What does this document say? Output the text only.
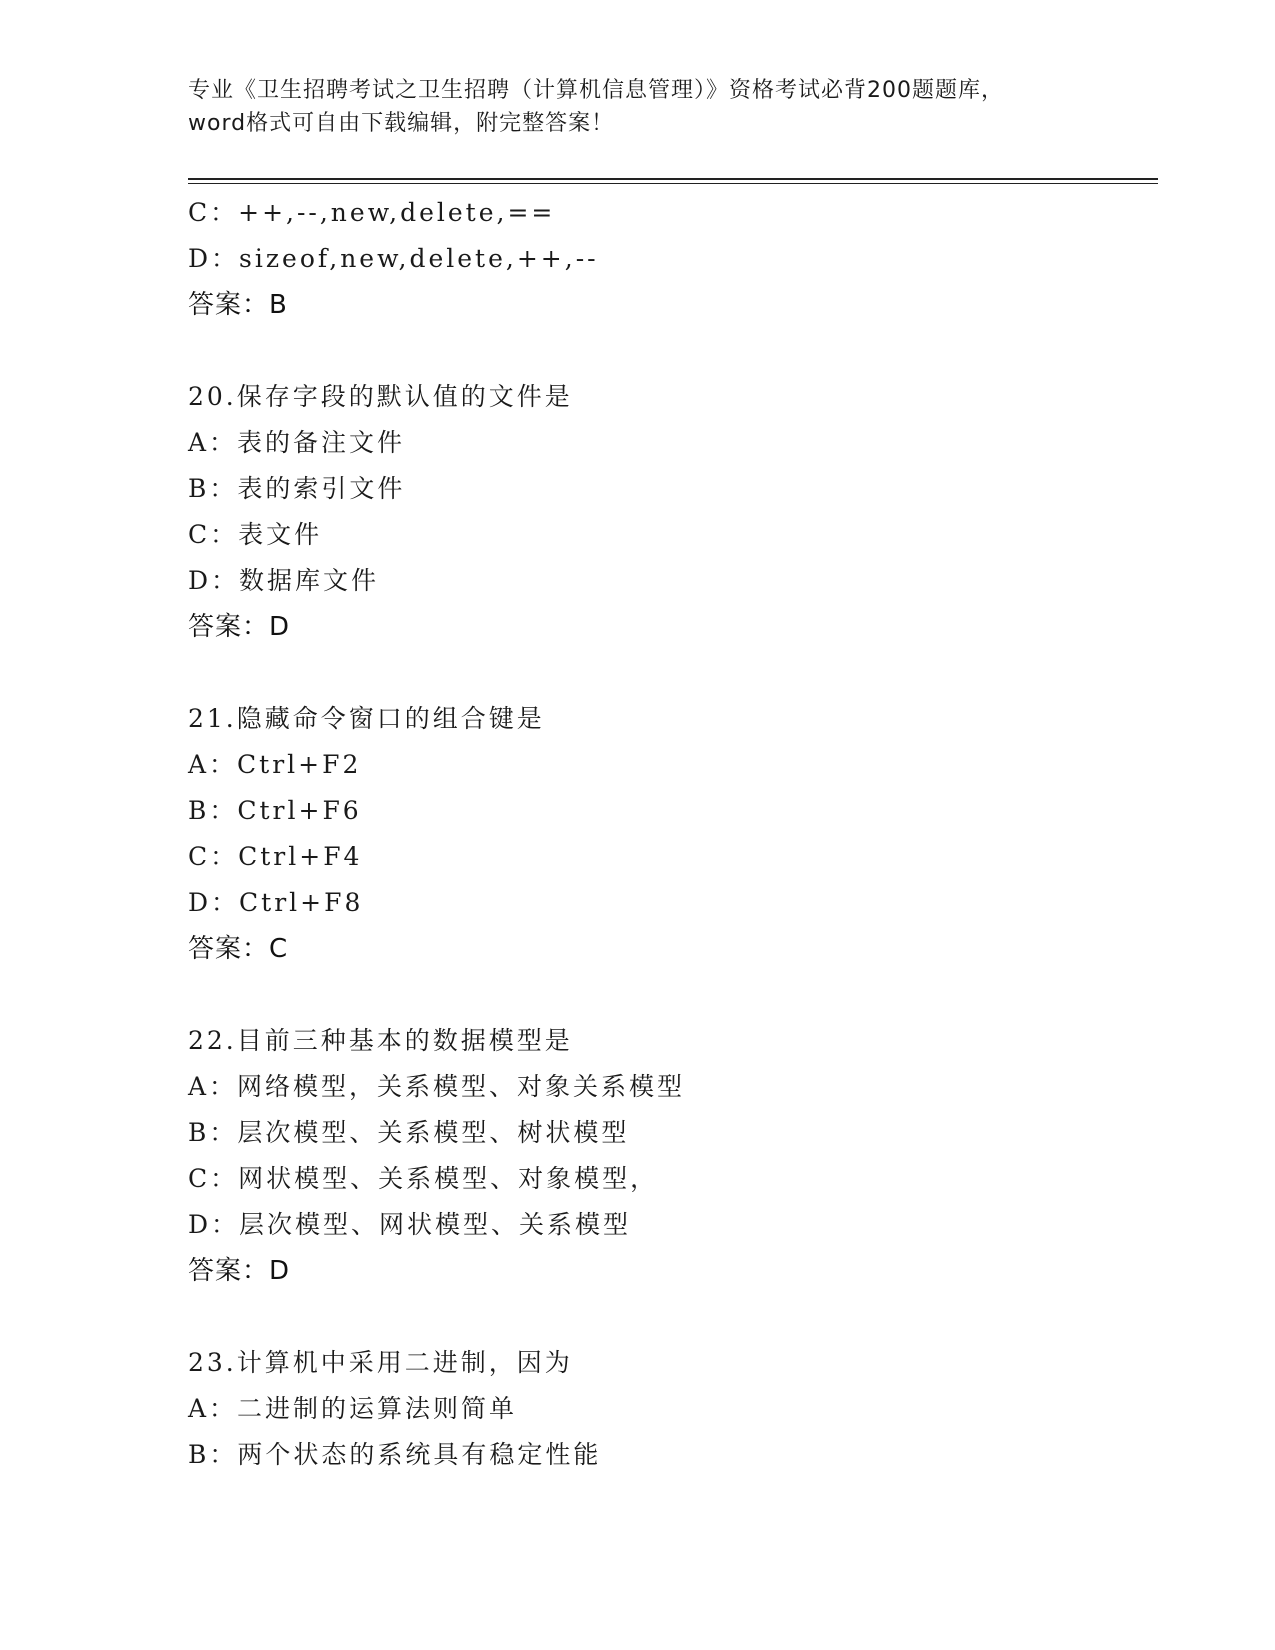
专业《卫生招聘考试之卫生招聘（计算机信息管理）》资格考试必背200题题库，
word格式可自由下载编辑，附完整答案！
C：++,--,new,delete,==
D：sizeof,new,delete,++,--
答案：B
20.保存字段的默认值的文件是
A：表的备注文件
B：表的索引文件
C：表文件
D：数据库文件
答案：D
21.隐藏命令窗口的组合键是
A：Ctrl+F2
B：Ctrl+F6
C：Ctrl+F4
D：Ctrl+F8
答案：C
22.目前三种基本的数据模型是
A：网络模型，关系模型、对象关系模型
B：层次模型、关系模型、树状模型
C：网状模型、关系模型、对象模型，
D：层次模型、网状模型、关系模型
答案：D
23.计算机中采用二进制，因为
A：二进制的运算法则简单
B：两个状态的系统具有稳定性能
